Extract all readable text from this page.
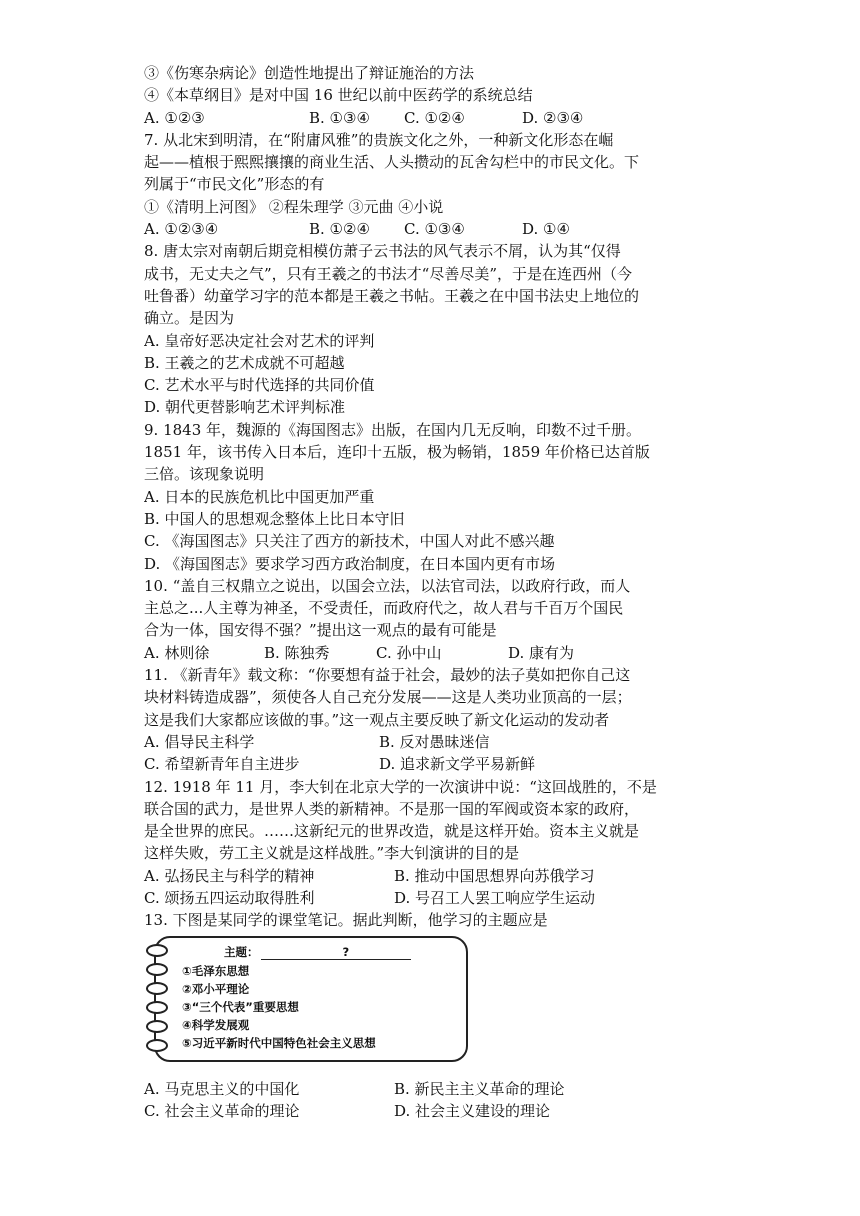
③《伤寒杂病论》创造性地提出了辩证施治的方法
④《本草纲目》是对中国 16 世纪以前中医药学的系统总结
A. ①②③	B. ①③④	C. ①②④	D. ②③④
7. 从北宋到明清，在“附庸风雅”的贵族文化之外，一种新文化形态在崛
起——植根于熙熙攘攘的商业生活、人头攒动的瓦舍勾栏中的市民文化。下
列属于“市民文化”形态的有
①《清明上河图》 ②程朱理学 ③元曲 ④小说
A. ①②③④	B. ①②④	C. ①③④	D. ①④
8. 唐太宗对南朝后期竞相模仿萧子云书法的风气表示不屑，认为其“仅得
成书，无丈夫之气”，只有王羲之的书法才“尽善尽美”，于是在连西州（今
吐鲁番）幼童学习字的范本都是王羲之书帖。王羲之在中国书法史上地位的
确立。是因为
A. 皇帝好恶决定社会对艺术的评判
B. 王羲之的艺术成就不可超越
C. 艺术水平与时代选择的共同价值
D. 朝代更替影响艺术评判标准
9. 1843 年，魏源的《海国图志》出版，在国内几无反响，印数不过千册。
1851 年，该书传入日本后，连印十五版，极为畅销，1859 年价格已达首版
三倍。该现象说明
A. 日本的民族危机比中国更加严重
B. 中国人的思想观念整体上比日本守旧
C. 《海国图志》只关注了西方的新技术，中国人对此不感兴趣
D. 《海国图志》要求学习西方政治制度，在日本国内更有市场
10. “盖自三权鼎立之说出，以国会立法，以法官司法，以政府行政，而人
主总之...人主尊为神圣，不受责任，而政府代之，故人君与千百万个国民
合为一体，国安得不强？”提出这一观点的最有可能是
A. 林则徐	B. 陈独秀	C. 孙中山	D. 康有为
11. 《新青年》载文称：“你要想有益于社会，最妙的法子莫如把你自己这
块材料铸造成器”，须使各人自己充分发展——这是人类功业顶高的一层；
这是我们大家都应该做的事。”这一观点主要反映了新文化运动的发动者
A. 倡导民主科学	B. 反对愚昧迷信
C. 希望新青年自主进步	D. 追求新文学平易新鲜
12. 1918 年 11 月，李大钊在北京大学的一次演讲中说：“这回战胜的，不是
联合国的武力，是世界人类的新精神。不是那一国的军阀或资本家的政府，
是全世界的庶民。……这新纪元的世界改造，就是这样开始。资本主义就是
这样失败，劳工主义就是这样战胜。”李大钊演讲的目的是
A. 弘扬民主与科学的精神	B. 推动中国思想界向苏俄学习
C. 颂扬五四运动取得胜利	D. 号召工人罢工响应学生运动
13. 下图是某同学的课堂笔记。据此判断，他学习的主题应是
主题：	?
①毛泽东思想
②邓小平理论
③“三个代表”重要思想
④科学发展观
⑤习近平新时代中国特色社会主义思想
A. 马克思主义的中国化	B. 新民主主义革命的理论
C. 社会主义革命的理论	D. 社会主义建设的理论
